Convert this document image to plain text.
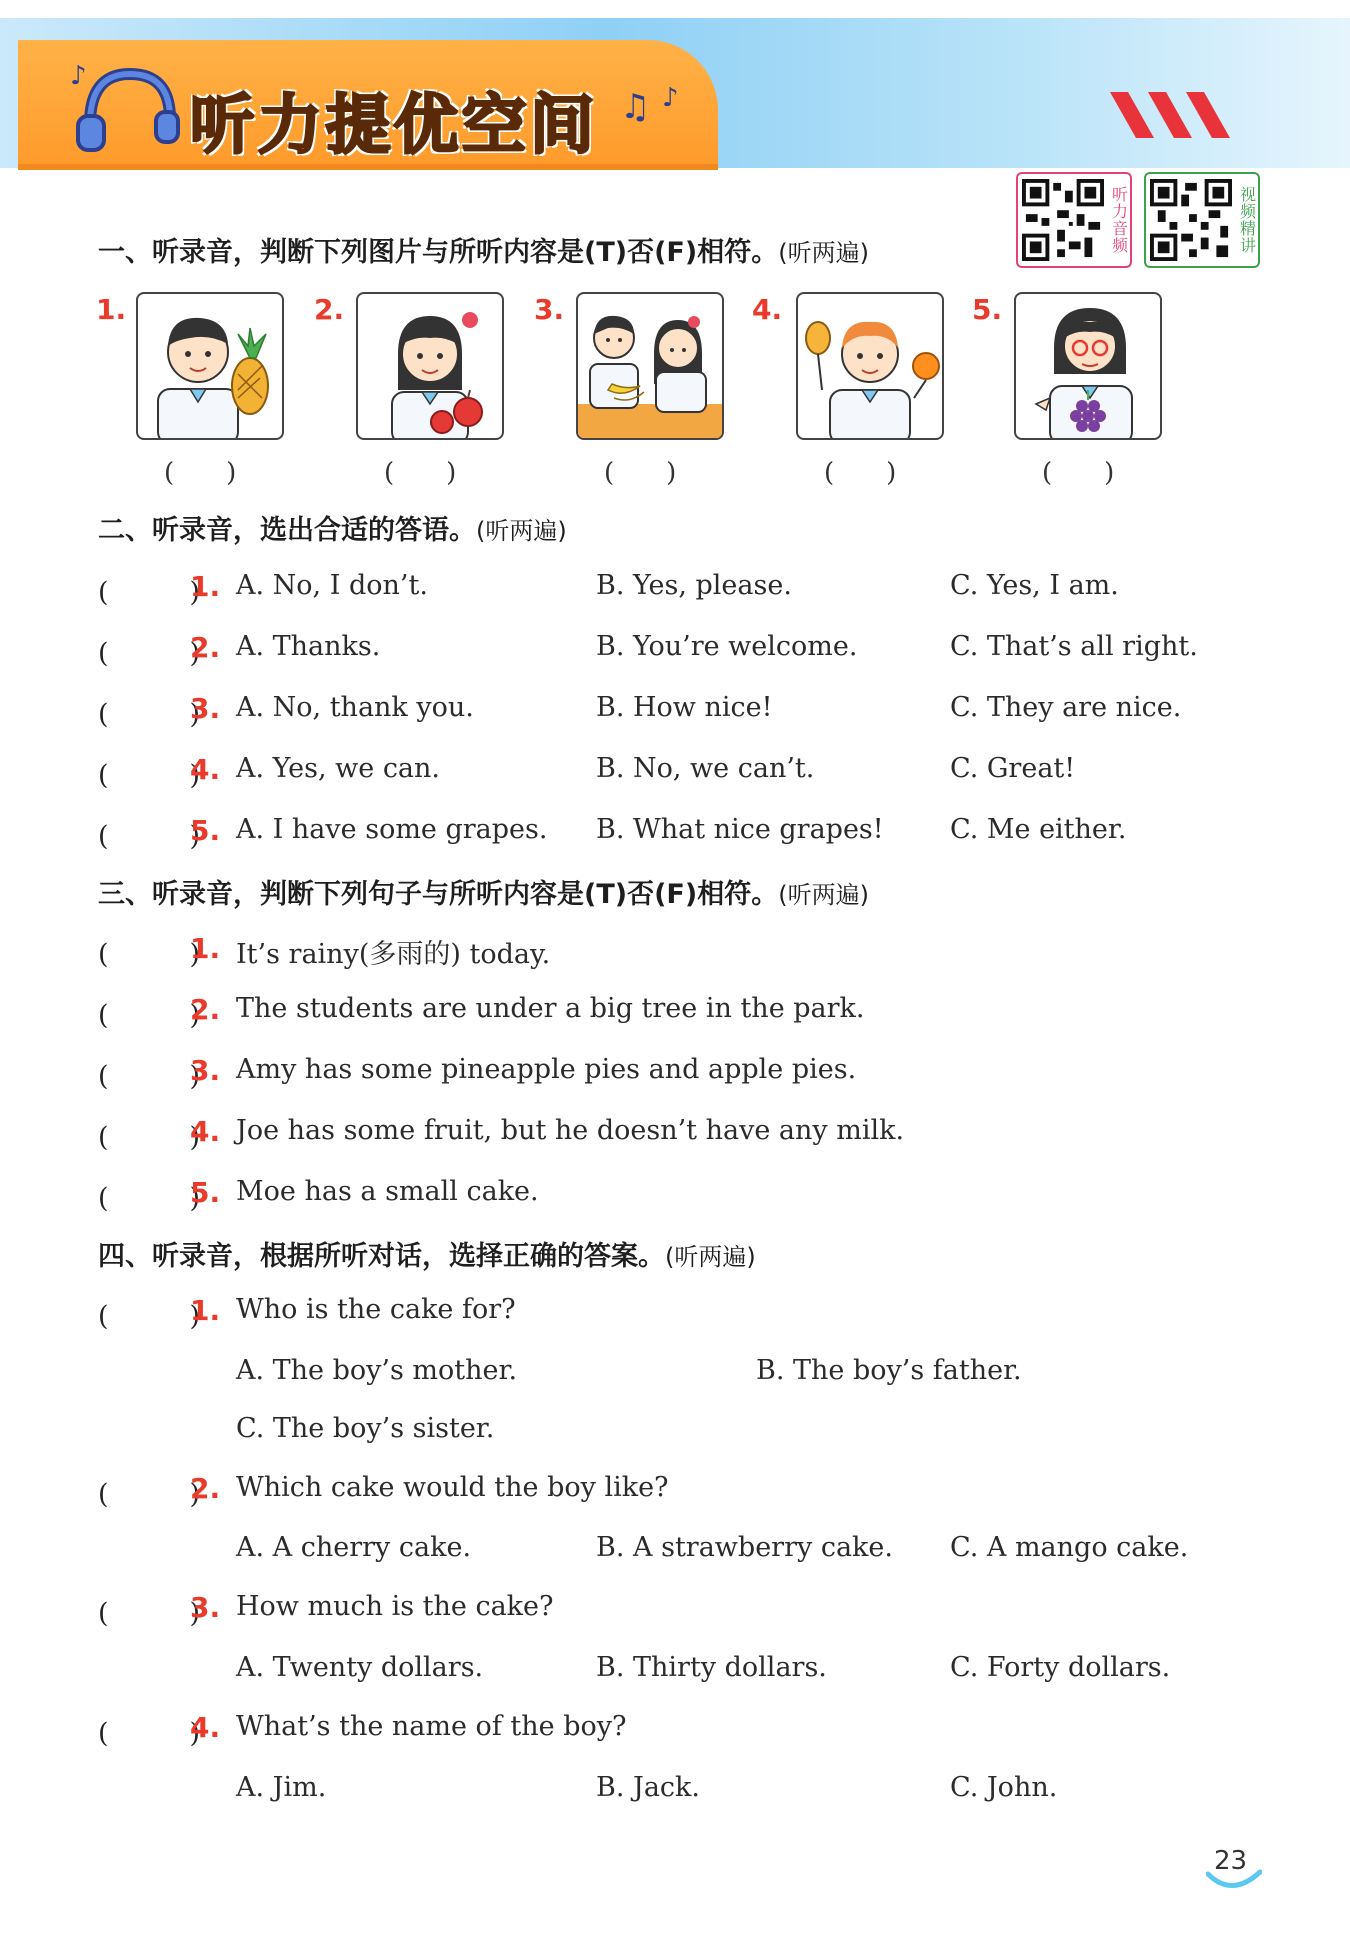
♪
听力提优空间 ♫ ♪
听力音频	视频精讲
一、听录音，判断下列图片与所听内容是(T)否(F)相符。(听两遍)
1.
(　　)
2.
(　　)
3.
(　　)
4.
(　　)
5.
(　　)
二、听录音，选出合适的答语。(听两遍)
(　　　)
1. A. No, I don’t.	B. Yes, please.	C. Yes, I am.
(　　　)
2. A. Thanks.	B. You’re welcome.	C. That’s all right.
(　　　)
3. A. No, thank you.	B. How nice!	C. They are nice.
(　　　)
4. A. Yes, we can.	B. No, we can’t.	C. Great!
(　　　)
5. A. I have some grapes. B. What nice grapes! C. Me either.
三、听录音，判断下列句子与所听内容是(T)否(F)相符。(听两遍)
(　　　)
1. It’s rainy(多雨的) today.
(　　　)
2. The students are under a big tree in the park.
(　　　)
3. Amy has some pineapple pies and apple pies.
(　　　)
4. Joe has some fruit, but he doesn’t have any milk.
(　　　)
5. Moe has a small cake.
四、听录音，根据所听对话，选择正确的答案。(听两遍)
(　　　)
1. Who is the cake for?
A. The boy’s mother.	B. The boy’s father.
C. The boy’s sister.
(　　　)
2. Which cake would the boy like?
A. A cherry cake.	B. A strawberry cake. C. A mango cake.
(　　　)
3. How much is the cake?
A. Twenty dollars.	B. Thirty dollars.	C. Forty dollars.
(　　　)
4. What’s the name of the boy?
A. Jim.	B. Jack.	C. John.
23
